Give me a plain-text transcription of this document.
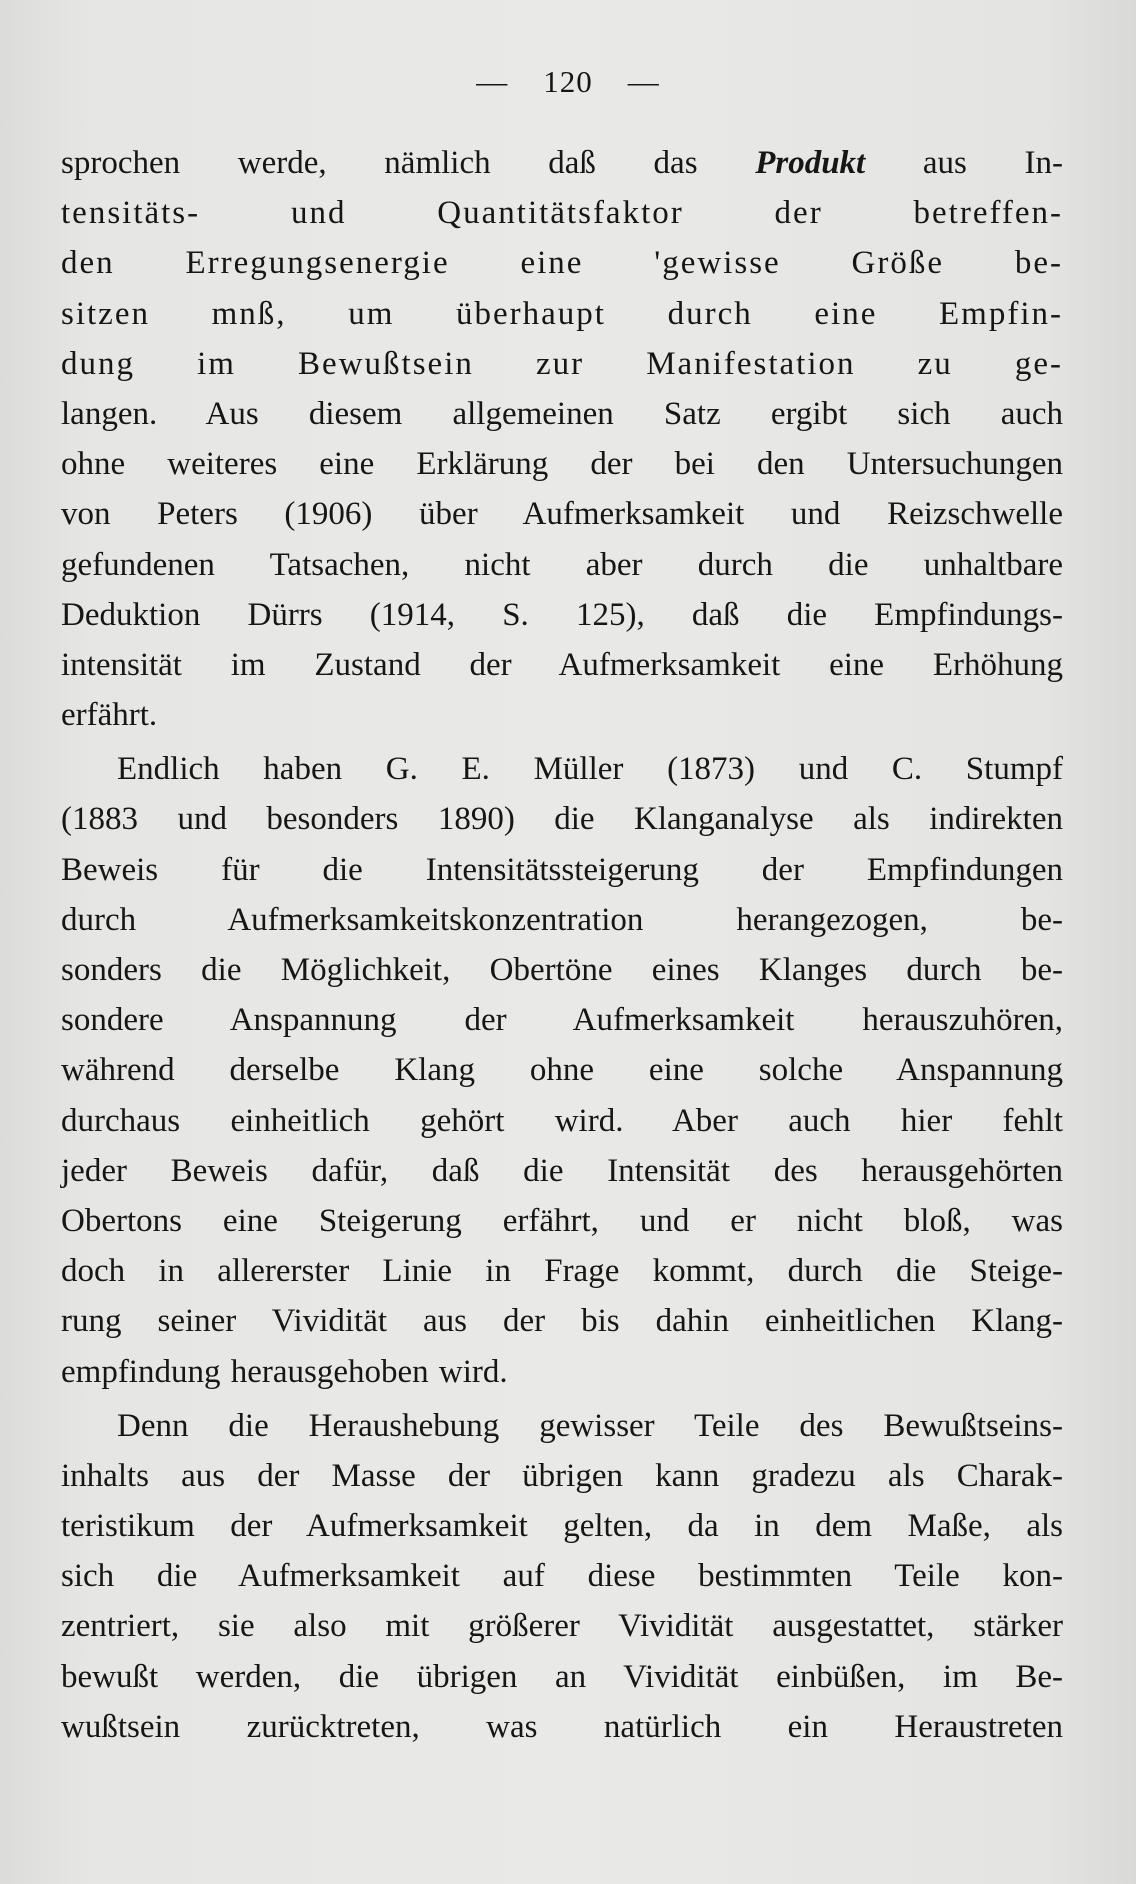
— 120 —
sprochen werde, nämlich daß das Produkt aus In-
tensitäts- und Quantitätsfaktor der betreffen-
den Erregungsenergie eine 'gewisse Größe be-
sitzen mnß, um überhaupt durch eine Empfin-
dung im Bewußtsein zur Manifestation zu ge-
langen. Aus diesem allgemeinen Satz ergibt sich auch
ohne weiteres eine Erklärung der bei den Untersuchungen
von Peters (1906) über Aufmerksamkeit und Reizschwelle
gefundenen Tatsachen, nicht aber durch die unhaltbare
Deduktion Dürrs (1914, S. 125), daß die Empfindungs-
intensität im Zustand der Aufmerksamkeit eine Erhöhung
erfährt.
Endlich haben G. E. Müller (1873) und C. Stumpf
(1883 und besonders 1890) die Klanganalyse als indirekten
Beweis für die Intensitätssteigerung der Empfindungen
durch Aufmerksamkeitskonzentration herangezogen, be-
sonders die Möglichkeit, Obertöne eines Klanges durch be-
sondere Anspannung der Aufmerksamkeit herauszuhören,
während derselbe Klang ohne eine solche Anspannung
durchaus einheitlich gehört wird. Aber auch hier fehlt
jeder Beweis dafür, daß die Intensität des herausgehörten
Obertons eine Steigerung erfährt, und er nicht bloß, was
doch in allererster Linie in Frage kommt, durch die Steige-
rung seiner Vividität aus der bis dahin einheitlichen Klang-
empfindung herausgehoben wird.
Denn die Heraushebung gewisser Teile des Bewußtseins-
inhalts aus der Masse der übrigen kann gradezu als Charak-
teristikum der Aufmerksamkeit gelten, da in dem Maße, als
sich die Aufmerksamkeit auf diese bestimmten Teile kon-
zentriert, sie also mit größerer Vividität ausgestattet, stärker
bewußt werden, die übrigen an Vividität einbüßen, im Be-
wußtsein zurücktreten, was natürlich ein Heraustreten
